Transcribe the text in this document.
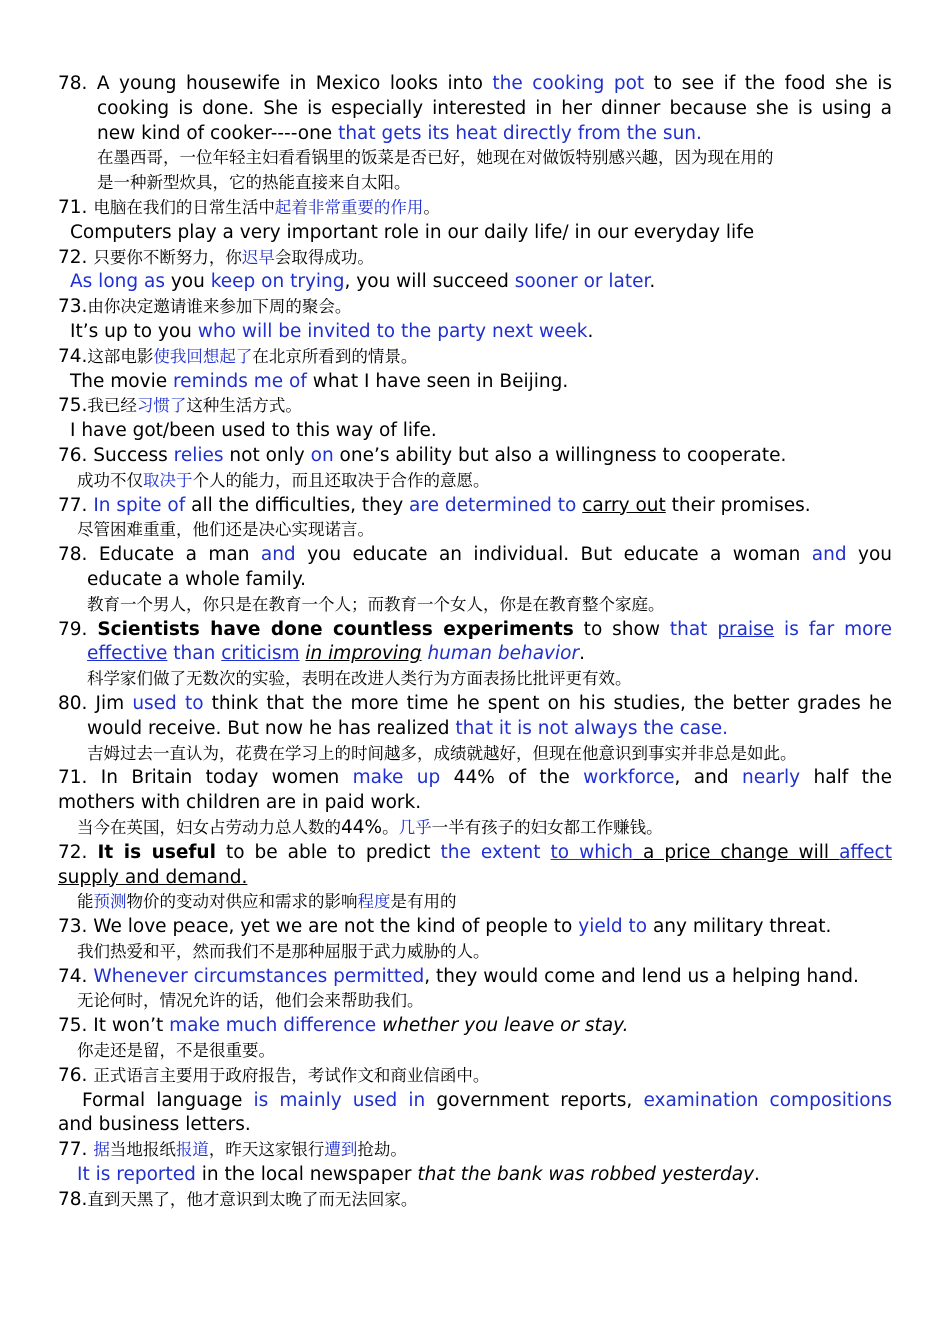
78. A young housewife in Mexico looks into the cooking pot to see if the food she is
cooking is done. She is especially interested in her dinner because she is using a
new kind of cooker----one that gets its heat directly from the sun.
在墨西哥，一位年轻主妇看看锅里的饭菜是否已好，她现在对做饭特别感兴趣，因为现在用的
是一种新型炊具，它的热能直接来自太阳。
71. 电脑在我们的日常生活中起着非常重要的作用。
Computers play a very important role in our daily life/ in our everyday life
72. 只要你不断努力，你迟早会取得成功。
As long as you keep on trying, you will succeed sooner or later.
73.由你决定邀请谁来参加下周的聚会。
It’s up to you who will be invited to the party next week.
74.这部电影使我回想起了在北京所看到的情景。
The movie reminds me of what I have seen in Beijing.
75.我已经习惯了这种生活方式。
I have got/been used to this way of life.
76. Success relies not only on one’s ability but also a willingness to cooperate.
成功不仅取决于个人的能力，而且还取决于合作的意愿。
77. In spite of all the difficulties, they are determined to carry out their promises.
尽管困难重重，他们还是决心实现诺言。
78. Educate a man and you educate an individual. But educate a woman and you
educate a whole family.
教育一个男人，你只是在教育一个人；而教育一个女人，你是在教育整个家庭。
79. Scientists have done countless experiments to show that praise is far more
effective than criticism in improving human behavior.
科学家们做了无数次的实验，表明在改进人类行为方面表扬比批评更有效。
80. Jim used to think that the more time he spent on his studies, the better grades he
would receive. But now he has realized that it is not always the case.
吉姆过去一直认为，花费在学习上的时间越多，成绩就越好，但现在他意识到事实并非总是如此。
71. In Britain today women make up 44% of the workforce, and nearly half the
mothers with children are in paid work.
当今在英国，妇女占劳动力总人数的44%。几乎一半有孩子的妇女都工作赚钱。
72. It is useful to be able to predict the extent to which a price change will affect
supply and demand.
能预测物价的变动对供应和需求的影响程度是有用的
73. We love peace, yet we are not the kind of people to yield to any military threat.
我们热爱和平，然而我们不是那种屈服于武力威胁的人。
74. Whenever circumstances permitted, they would come and lend us a helping hand.
无论何时，情况允许的话，他们会来帮助我们。
75. It won’t make much difference whether you leave or stay.
你走还是留，不是很重要。
76. 正式语言主要用于政府报告，考试作文和商业信函中。
Formal language is mainly used in government reports, examination compositions
and business letters.
77. 据当地报纸报道，昨天这家银行遭到抢劫。
It is reported in the local newspaper that the bank was robbed yesterday.
78.直到天黑了，他才意识到太晚了而无法回家。
